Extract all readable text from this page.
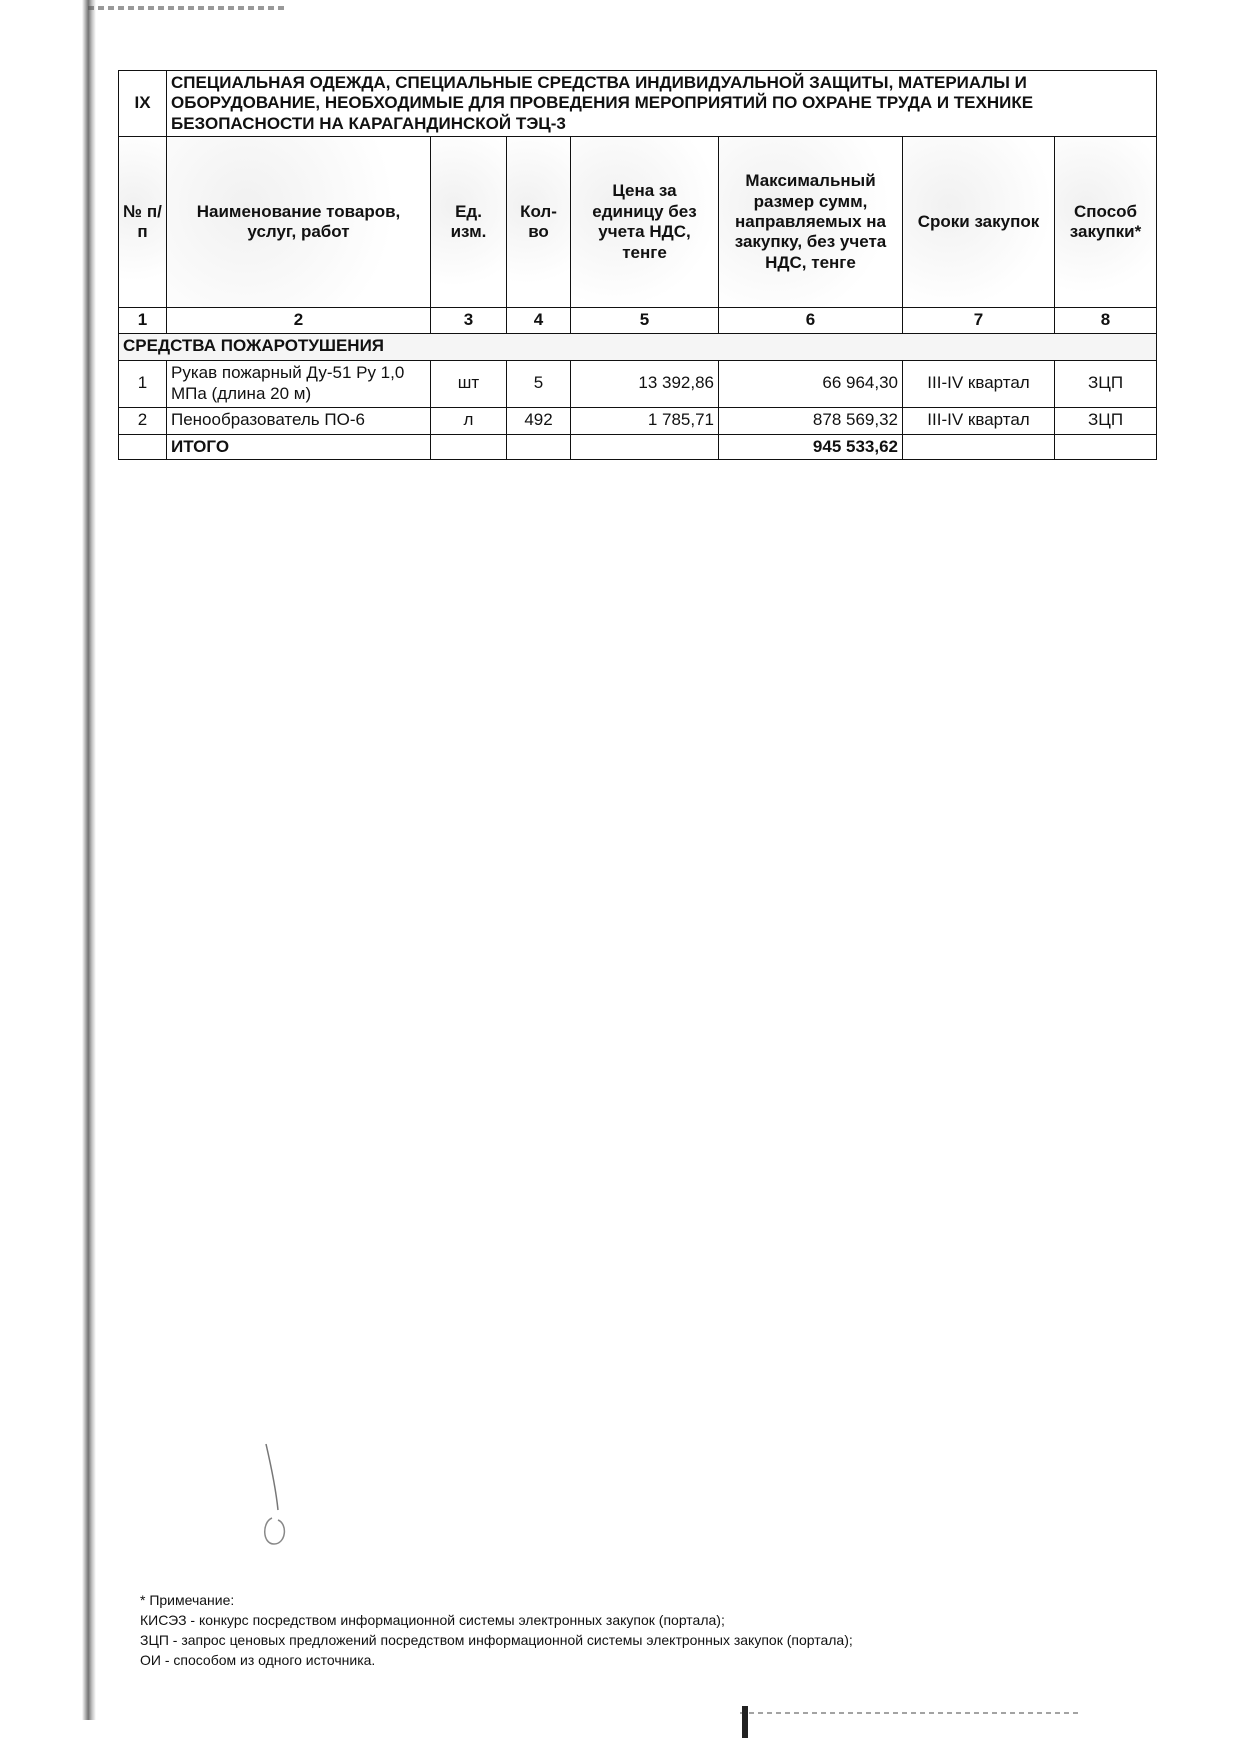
IX	СПЕЦИАЛЬНАЯ ОДЕЖДА, СПЕЦИАЛЬНЫЕ СРЕДСТВА ИНДИВИДУАЛЬНОЙ ЗАЩИТЫ, МАТЕРИАЛЫ И ОБОРУДОВАНИЕ, НЕОБХОДИМЫЕ ДЛЯ ПРОВЕДЕНИЯ МЕРОПРИЯТИЙ ПО ОХРАНЕ ТРУДА И ТЕХНИКЕ БЕЗОПАСНОСТИ НА КАРАГАНДИНСКОЙ ТЭЦ-3						
№ п/п	Наименование товаров, услуг, работ	Ед. изм.	Кол-во	Цена за единицу без учета НДС, тенге	Максимальный размер сумм, направляемых на закупку, без учета НДС, тенге	Сроки закупок	Способ закупки*
1	2	3	4	5	6	7	8
СРЕДСТВА ПОЖАРОТУШЕНИЯ							
1	Рукав пожарный Ду-51 Ру 1,0 МПа (длина 20 м)	шт	5	13 392,86	66 964,30	III-IV квартал	ЗЦП
2	Пенообразователь ПО-6	л	492	1 785,71	878 569,32	III-IV квартал	ЗЦП
	ИТОГО				945 533,62		
* Примечание:
КИСЭЗ - конкурс посредством информационной системы электронных закупок (портала);
ЗЦП - запрос ценовых предложений посредством информационной системы электронных закупок (портала);
ОИ - способом из одного источника.
